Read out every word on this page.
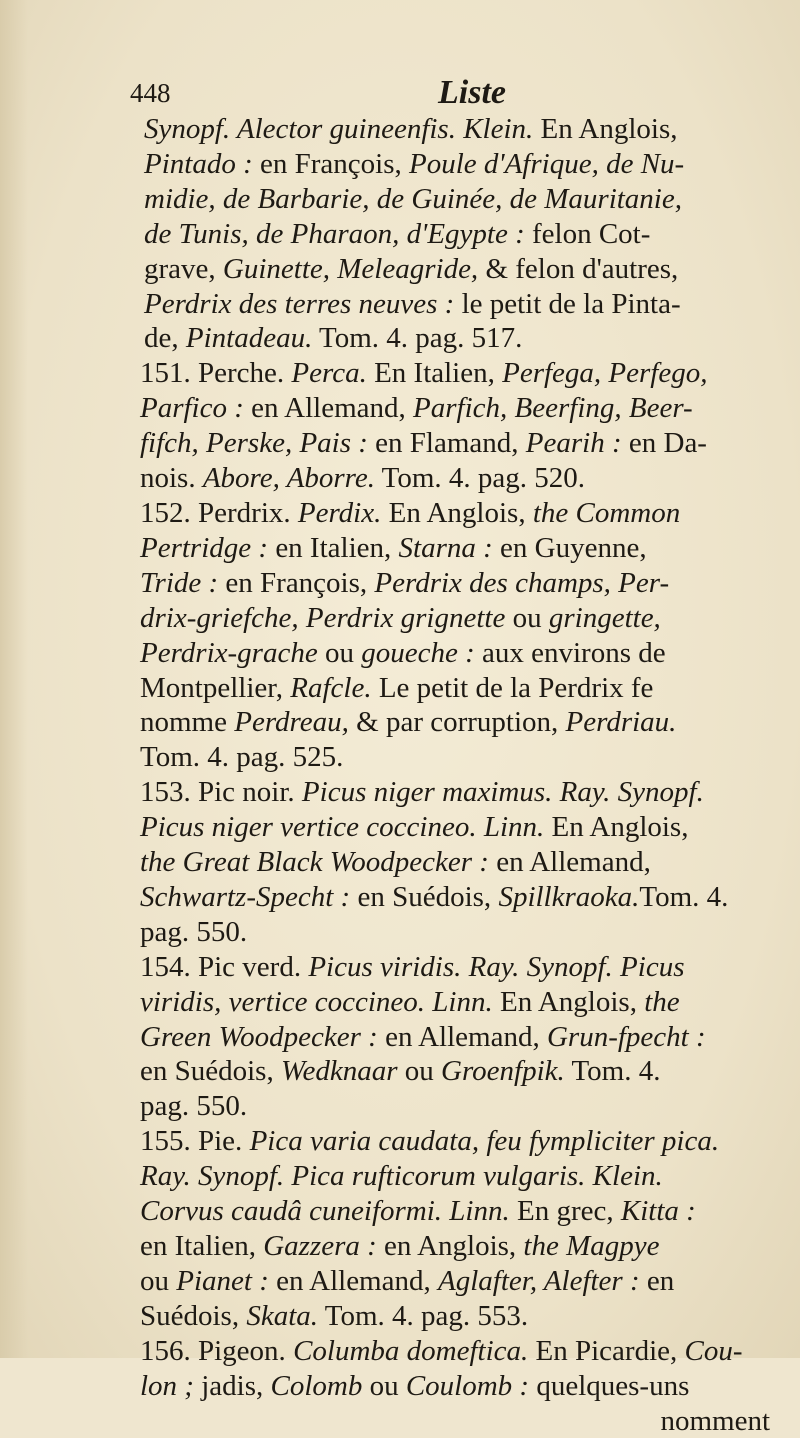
448	Liste
Synopf. Alector guineenfis. Klein. En Anglois,
Pintado : en François, Poule d'Afrique, de Nu-
midie, de Barbarie, de Guinée, de Mauritanie,
de Tunis, de Pharaon, d'Egypte : felon Cot-
grave, Guinette, Meleagride, & felon d'autres,
Perdrix des terres neuves : le petit de la Pinta-
de, Pintadeau. Tom. 4. pag. 517.
151. Perche. Perca. En Italien, Perfega, Perfego,
Parfico : en Allemand, Parfich, Beerfing, Beer-
fifch, Perske, Pais : en Flamand, Pearih : en Da-
nois. Abore, Aborre. Tom. 4. pag. 520.
152. Perdrix. Perdix. En Anglois, the Common
Pertridge : en Italien, Starna : en Guyenne,
Tride : en François, Perdrix des champs, Per-
drix-griefche, Perdrix grignette ou gringette,
Perdrix-grache ou goueche : aux environs de
Montpellier, Rafcle. Le petit de la Perdrix fe
nomme Perdreau, & par corruption, Perdriau.
Tom. 4. pag. 525.
153. Pic noir. Picus niger maximus. Ray. Synopf.
Picus niger vertice coccineo. Linn. En Anglois,
the Great Black Woodpecker : en Allemand,
Schwartz-Specht : en Suédois, Spillkraoka.Tom. 4.
pag. 550.
154. Pic verd. Picus viridis. Ray. Synopf. Picus
viridis, vertice coccineo. Linn. En Anglois, the
Green Woodpecker : en Allemand, Grun-fpecht :
en Suédois, Wedknaar ou Groenfpik. Tom. 4.
pag. 550.
155. Pie. Pica varia caudata, feu fympliciter pica.
Ray. Synopf. Pica rufticorum vulgaris. Klein.
Corvus caudâ cuneiformi. Linn. En grec, Kitta :
en Italien, Gazzera : en Anglois, the Magpye
ou Pianet : en Allemand, Aglafter, Alefter : en
Suédois, Skata. Tom. 4. pag. 553.
156. Pigeon. Columba domeftica. En Picardie, Cou-
lon ; jadis, Colomb ou Coulomb : quelques-uns
nomment
